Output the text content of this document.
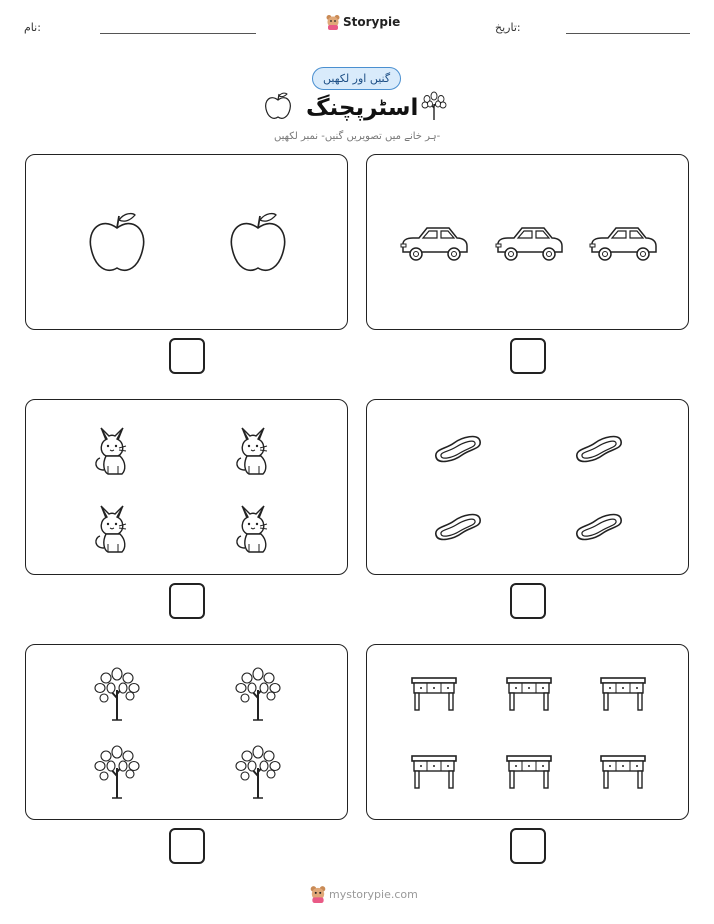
نام:	Storypie	تاریخ:
گنیں اور لکھیں
اسٹرپچنگ
ہر خانے میں تصویریں گنیں- نمبر لکھیں-
mystorypie.com
